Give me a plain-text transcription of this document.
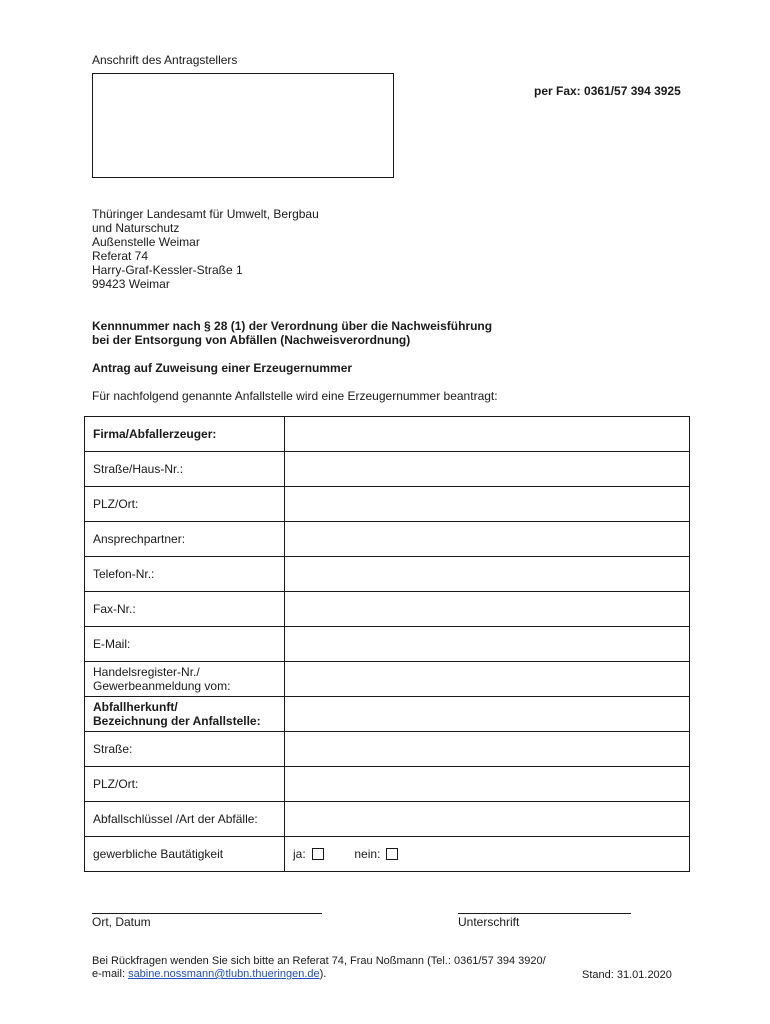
Anschrift des Antragstellers
per Fax: 0361/57 394 3925
Thüringer Landesamt für Umwelt, Bergbau
und Naturschutz
Außenstelle Weimar
Referat 74
Harry-Graf-Kessler-Straße 1
99423 Weimar
Kennnummer nach § 28 (1) der Verordnung über die Nachweisführung
bei der Entsorgung von Abfällen (Nachweisverordnung)
Antrag auf Zuweisung einer Erzeugernummer
Für nachfolgend genannte Anfallstelle wird eine Erzeugernummer beantragt:
Firma/Abfallerzeuger:	
Straße/Haus-Nr.:	
PLZ/Ort:	
Ansprechpartner:	
Telefon-Nr.:	
Fax-Nr.:	
E-Mail:	

Handelsregister-Nr./
Gewerbeanmeldung vom:	

Abfallherkunft/
Bezeichnung der Anfallstelle:	

Straße:	
PLZ/Ort:	
Abfallschlüssel /Art der Abfälle:	
gewerbliche Bautätigkeit	ja: nein:
Ort, Datum	Unterschrift
Bei Rückfragen wenden Sie sich bitte an Referat 74, Frau Noßmann (Tel.: 0361/57 394 3920/
e-mail: sabine.nossmann@tlubn.thueringen.de).	Stand: 31.01.2020
